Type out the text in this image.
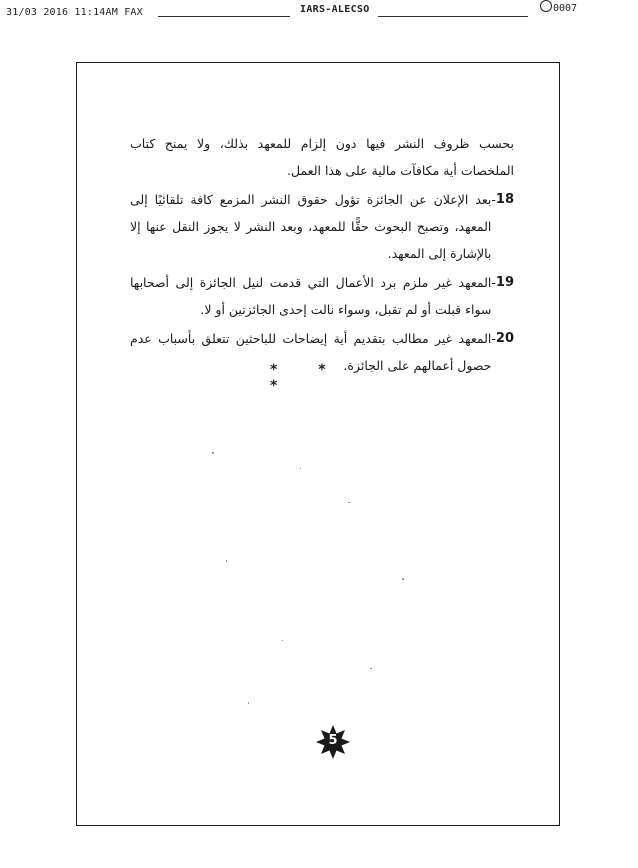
31/03 2016 11:14AM FAX	IARS-ALECSO	0007

بحسب ظروف النشر فيها دون إلزام للمعهد بذلك، ولا يمنح كتاب الملخصات أية مكافآت مالية على هذا العمل.

18
-
بعد الإعلان عن الجائزة تؤول حقوق النشر المزمع كافة تلقائيًا إلى المعهد، وتصبح البحوث حقًّا للمعهد، وبعد النشر لا يجوز النقل عنها إلا بالإشارة إلى المعهد.
19
-
المعهد غير ملزم برد الأعمال التي قدمت لنيل الجائزة إلى أصحابها سواء قبلت أو لم تقبل، وسواء نالت إحدى الجائزتين أو لا.
20
-
المعهد غير مطالب بتقديم أية إيضاحات للباحثين تتعلق بأسباب عدم حصول أعمالهم على الجائزة.
* * *
5
